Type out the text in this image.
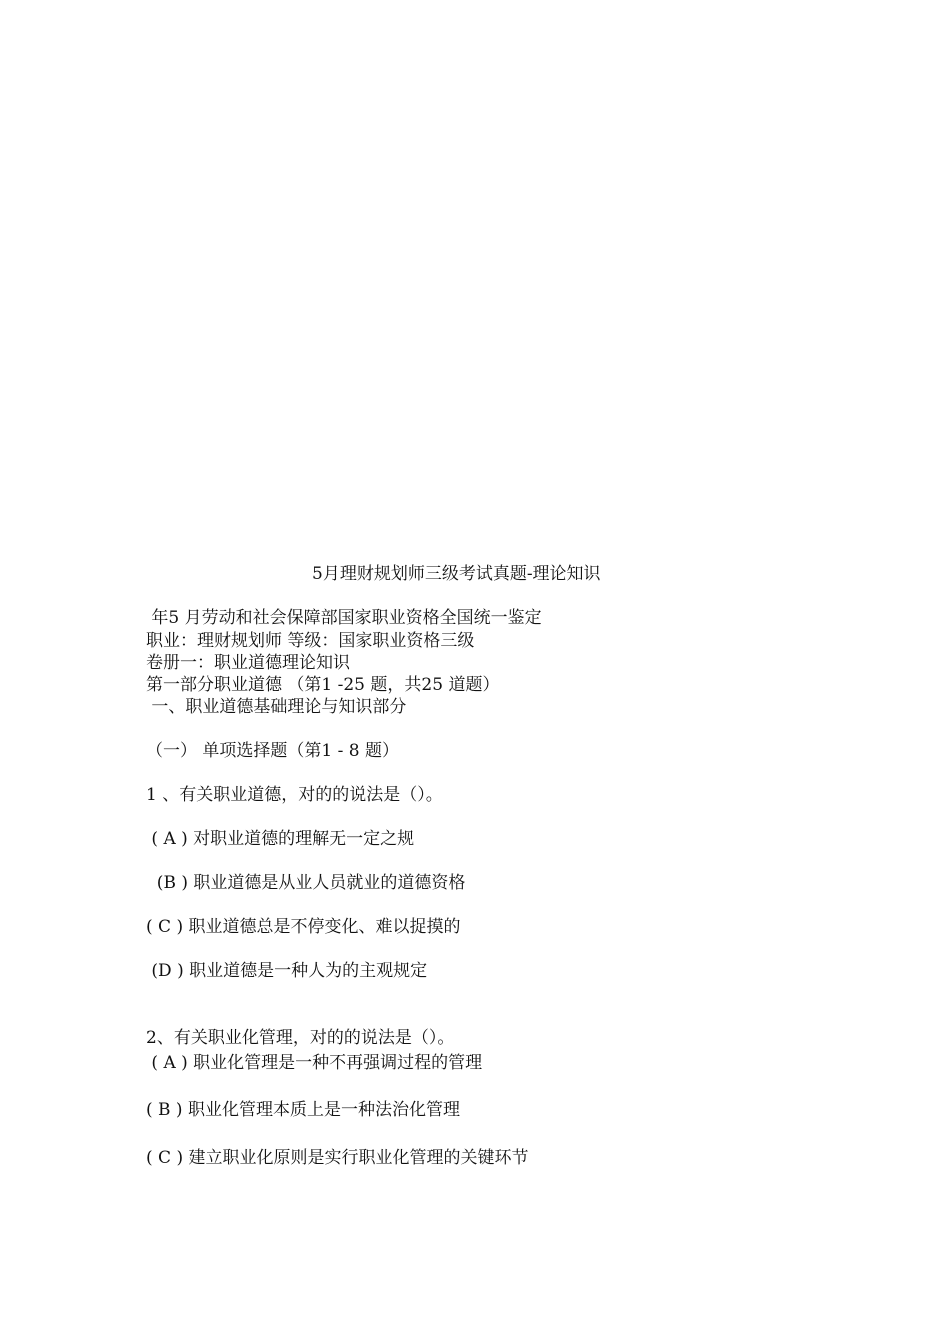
5月理财规划师三级考试真题-理论知识
年5 月劳动和社会保障部国家职业资格全国统一鉴定
职业：理财规划师 等级：国家职业资格三级
卷册一：职业道德理论知识
第一部分职业道德 （第1 -25 题，共25 道题）
一、职业道德基础理论与知识部分
（一） 单项选择题（第1 - 8 题）
1 、有关职业道德，对的的说法是（）。
( A ) 对职业道德的理解无一定之规
(B ) 职业道德是从业人员就业的道德资格
( C ) 职业道德总是不停变化、难以捉摸的
(D ) 职业道德是一种人为的主观规定
2、有关职业化管理，对的的说法是（）。
( A ) 职业化管理是一种不再强调过程的管理
( B ) 职业化管理本质上是一种法治化管理
( C ) 建立职业化原则是实行职业化管理的关键环节
